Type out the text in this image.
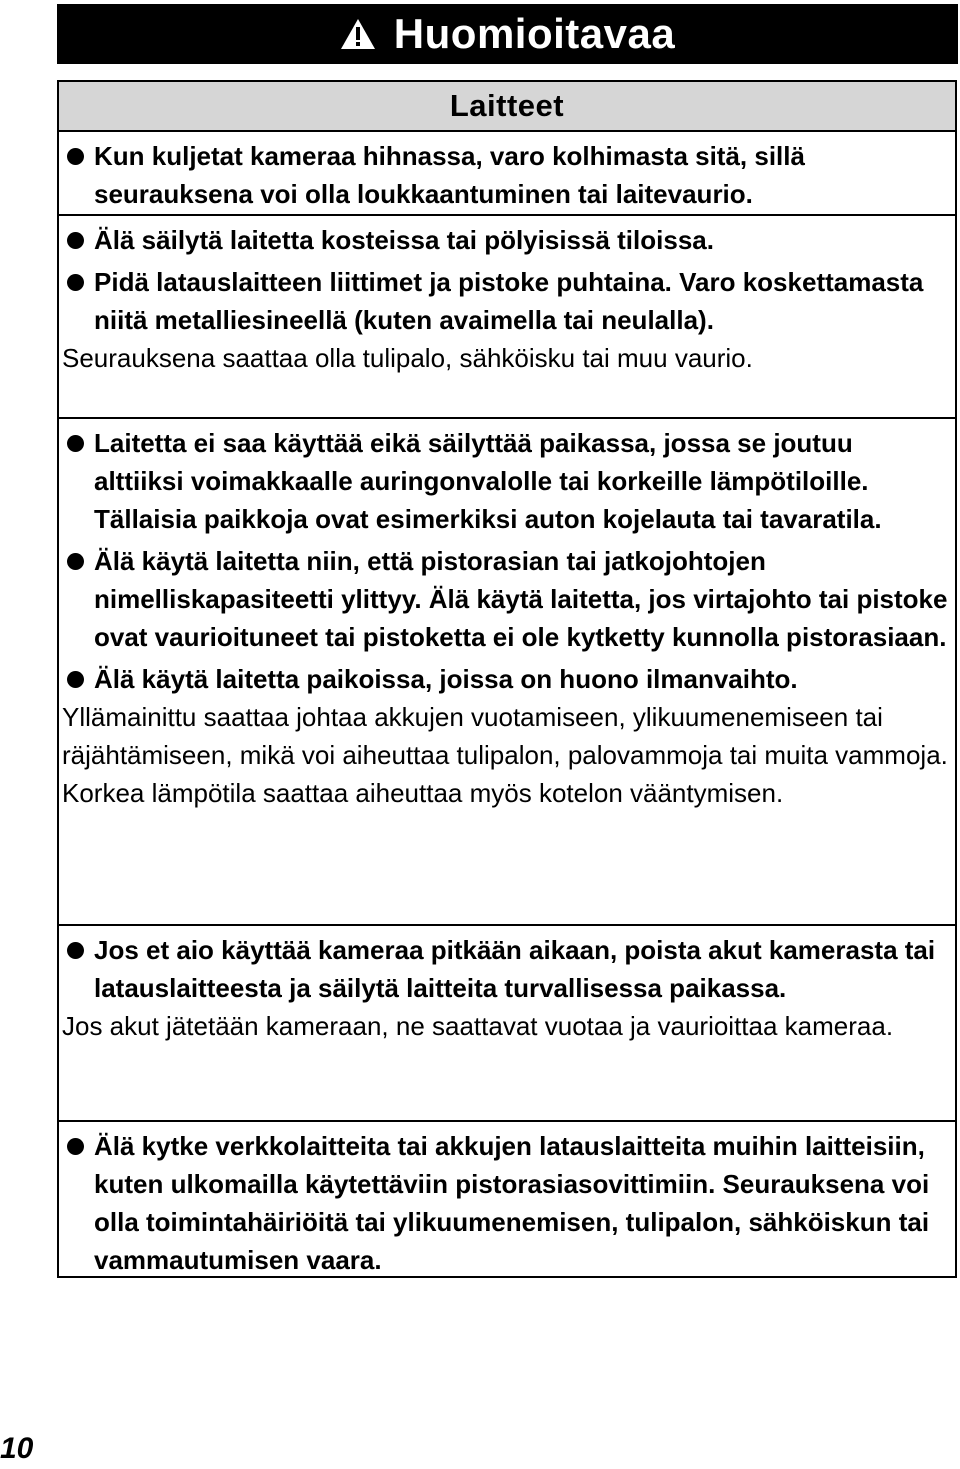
Huomioitavaa
Laitteet
Kun kuljetat kameraa hihnassa, varo kolhimasta sitä, sillä seurauksena voi olla loukkaantuminen tai laitevaurio.
Älä säilytä laitetta kosteissa tai pölyisissä tiloissa.
Pidä latauslaitteen liittimet ja pistoke puhtaina. Varo koskettamasta niitä metalliesineellä (kuten avaimella tai neulalla).
Seurauksena saattaa olla tulipalo, sähköisku tai muu vaurio.
Laitetta ei saa käyttää eikä säilyttää paikassa, jossa se joutuu alttiiksi voimakkaalle auringonvalolle tai korkeille lämpötiloille. Tällaisia paikkoja ovat esimerkiksi auton kojelauta tai tavaratila.
Älä käytä laitetta niin, että pistorasian tai jatkojohtojen nimelliskapasiteetti ylittyy. Älä käytä laitetta, jos virtajohto tai pistoke ovat vaurioituneet tai pistoketta ei ole kytketty kunnolla pistorasiaan.
Älä käytä laitetta paikoissa, joissa on huono ilmanvaihto.
Yllämainittu saattaa johtaa akkujen vuotamiseen, ylikuumenemiseen tai räjähtämiseen, mikä voi aiheuttaa tulipalon, palovammoja tai muita vammoja. Korkea lämpötila saattaa aiheuttaa myös kotelon vääntymisen.
Jos et aio käyttää kameraa pitkään aikaan, poista akut kamerasta tai latauslaitteesta ja säilytä laitteita turvallisessa paikassa.
Jos akut jätetään kameraan, ne saattavat vuotaa ja vaurioittaa kameraa.
Älä kytke verkkolaitteita tai akkujen latauslaitteita muihin laitteisiin, kuten ulkomailla käytettäviin pistorasiasovittimiin. Seurauksena voi olla toimintahäiriöitä tai ylikuumenemisen, tulipalon, sähköiskun tai vammautumisen vaara.
10
